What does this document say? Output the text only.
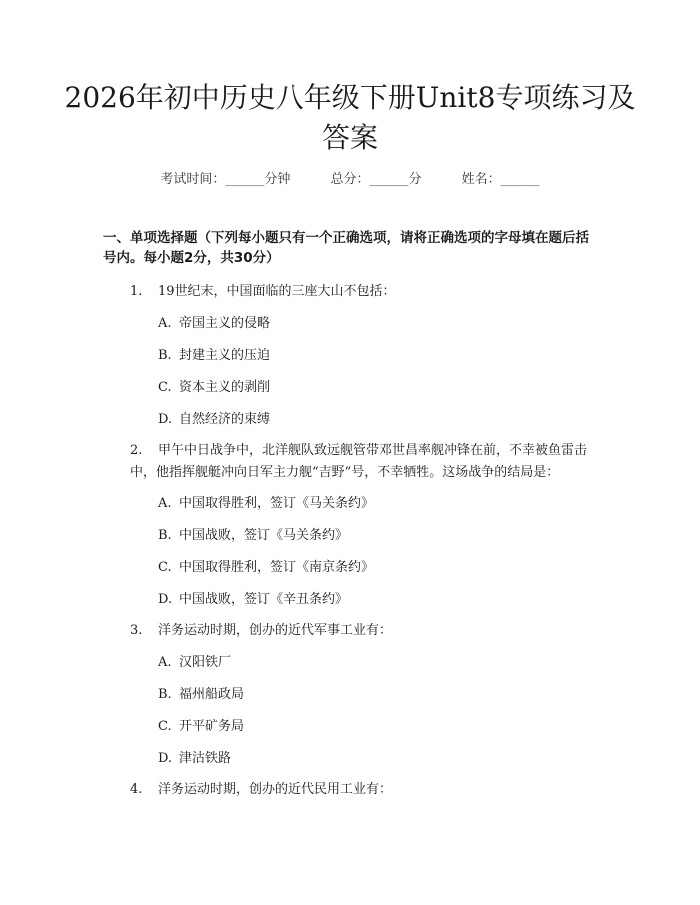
2026年初中历史八年级下册Unit8专项练习及答案
考试时间：______分钟	总分：______分	姓名：______
一、单项选择题（下列每小题只有一个正确选项，请将正确选项的字母填在题后括号内。每小题2分，共30分）
1. 19世纪末，中国面临的三座大山不包括：
A. 帝国主义的侵略
B. 封建主义的压迫
C. 资本主义的剥削
D. 自然经济的束缚
2. 甲午中日战争中，北洋舰队致远舰管带邓世昌率舰冲锋在前，不幸被鱼雷击中，他指挥舰艇冲向日军主力舰“吉野”号，不幸牺牲。这场战争的结局是：
A. 中国取得胜利，签订《马关条约》
B. 中国战败，签订《马关条约》
C. 中国取得胜利，签订《南京条约》
D. 中国战败，签订《辛丑条约》
3. 洋务运动时期，创办的近代军事工业有：
A. 汉阳铁厂
B. 福州船政局
C. 开平矿务局
D. 津沽铁路
4. 洋务运动时期，创办的近代民用工业有：
